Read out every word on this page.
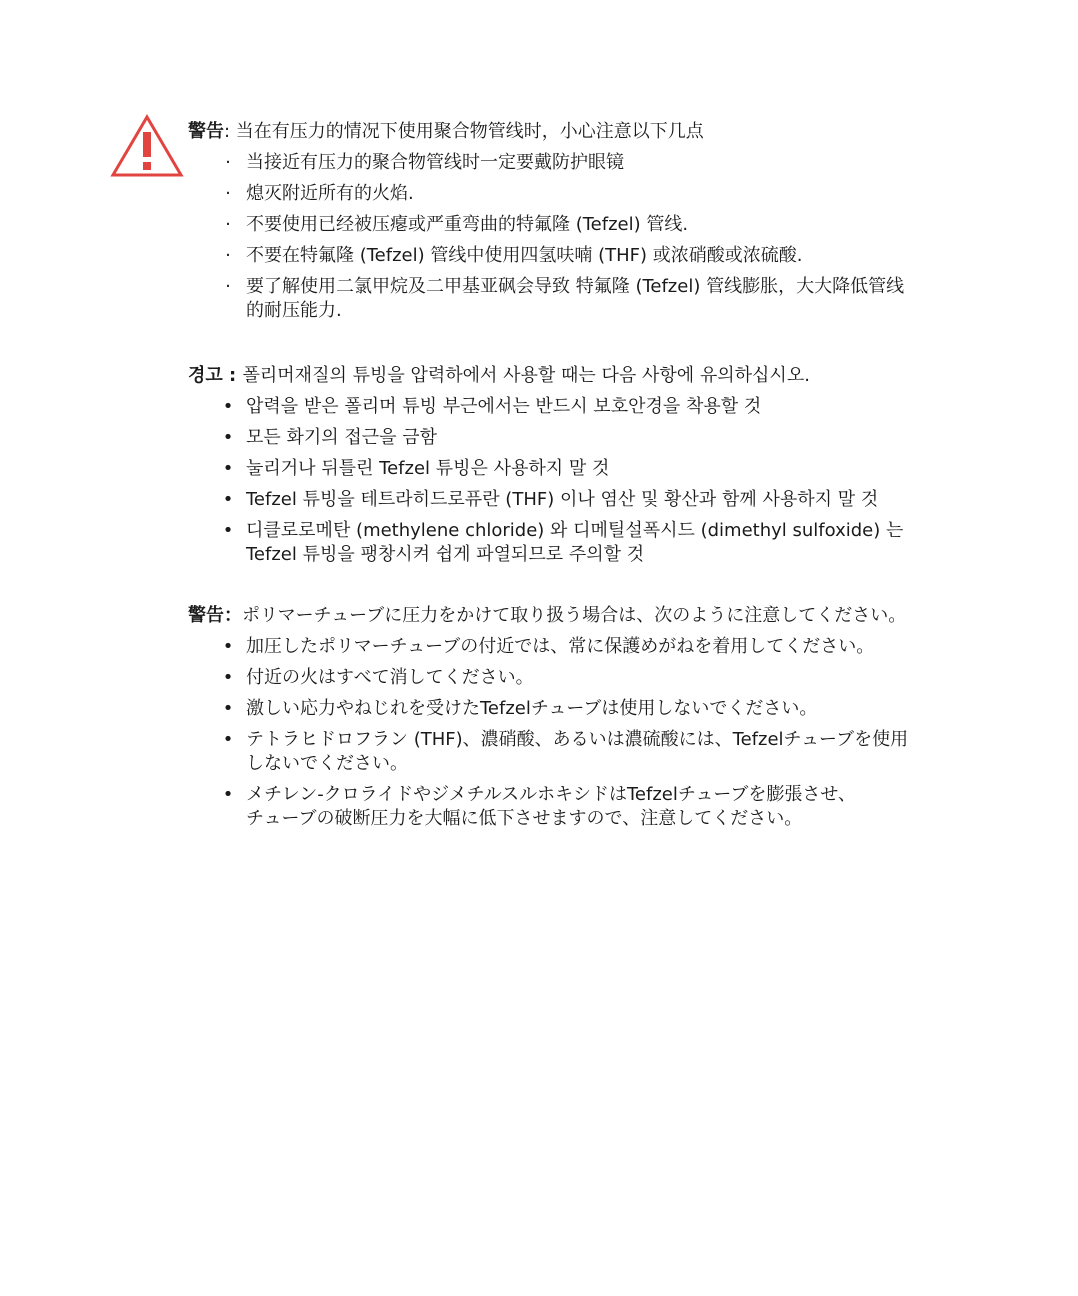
警告: 当在有压力的情况下使用聚合物管线时，小心注意以下几点
· 当接近有压力的聚合物管线时一定要戴防护眼镜
· 熄灭附近所有的火焰.
· 不要使用已经被压瘪或严重弯曲的特氟隆 (Tefzel) 管线.
· 不要在特氟隆 (Tefzel) 管线中使用四氢呋喃 (THF) 或浓硝酸或浓硫酸.
· 要了解使用二氯甲烷及二甲基亚砜会导致 特氟隆 (Tefzel) 管线膨胀，大大降低管线
的耐压能力.
경고 : 폴리머재질의 튜빙을 압력하에서 사용할 때는 다음 사항에 유의하십시오.
• 압력을 받은 폴리머 튜빙 부근에서는 반드시 보호안경을 착용할 것
• 모든 화기의 접근을 금함
• 눌리거나 뒤틀린 Tefzel 튜빙은 사용하지 말 것
• Tefzel 튜빙을 테트라히드로퓨란 (THF) 이나 염산 및 황산과 함께 사용하지 말 것
• 디클로로메탄 (methylene chloride) 와 디메틸설폭시드 (dimethyl sulfoxide) 는
Tefzel 튜빙을 팽창시켜 쉽게 파열되므로 주의할 것
警告：ポリマーチューブに圧力をかけて取り扱う場合は、次のように注意してください。
• 加圧したポリマーチューブの付近では、常に保護めがねを着用してください。
• 付近の火はすべて消してください。
• 激しい応力やねじれを受けたTefzelチューブは使用しないでください。
• テトラヒドロフラン (THF)、濃硝酸、あるいは濃硫酸には、Tefzelチューブを使用
しないでください。
• メチレン-クロライドやジメチルスルホキシドはTefzelチューブを膨張させ、
チューブの破断圧力を大幅に低下させますので、注意してください。
